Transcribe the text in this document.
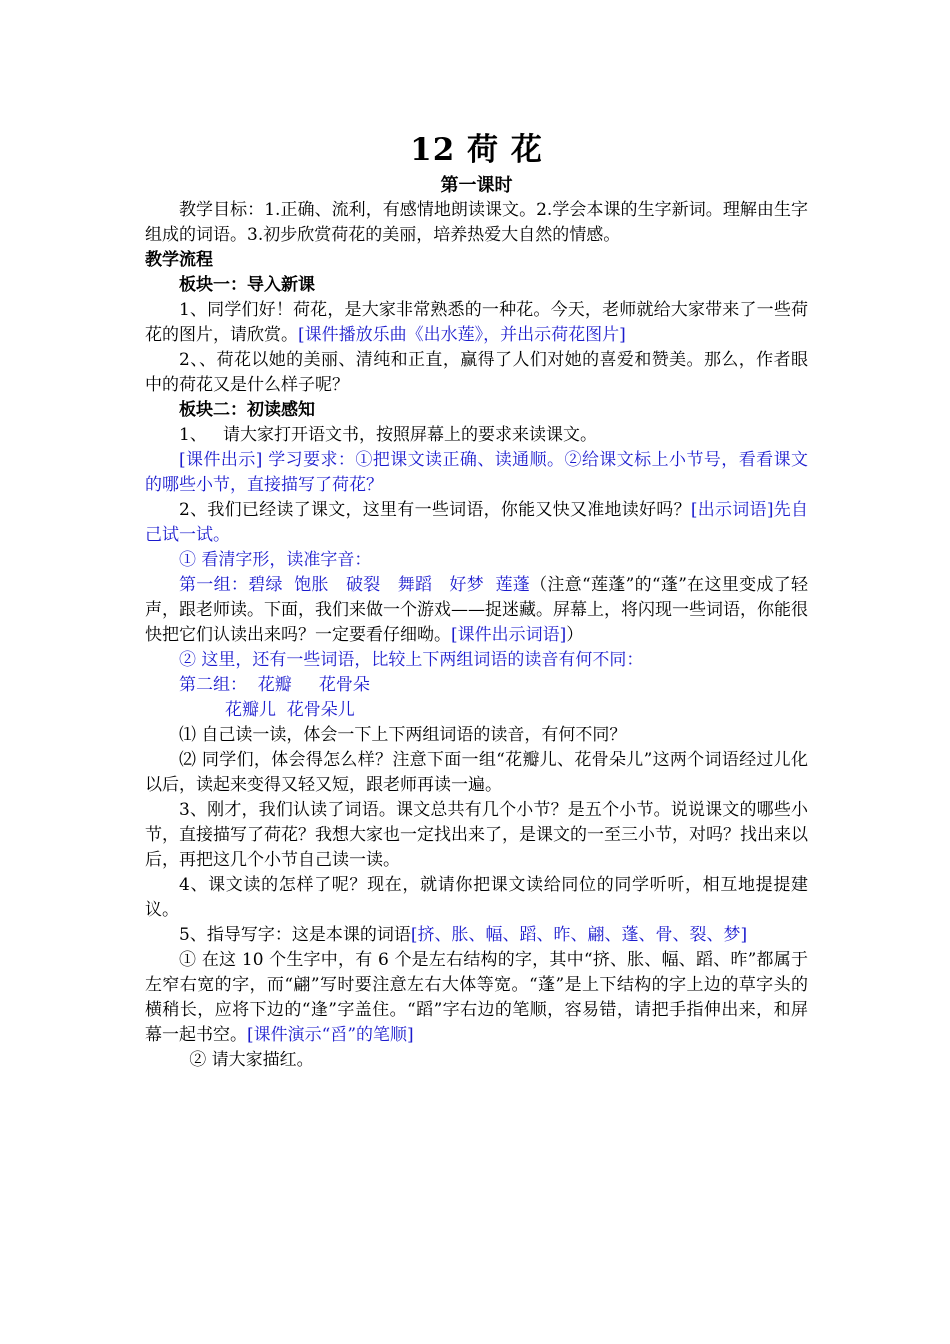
12 荷 花
第一课时

教学目标：1.正确、流利，有感情地朗读课文。2.学会本课的生字新词。理解由生字组成的词语。3.初步欣赏荷花的美丽，培养热爱大自然的情感。

教学流程

板块一：导入新课

1、同学们好！荷花，是大家非常熟悉的一种花。今天，老师就给大家带来了一些荷花的图片，请欣赏。[课件播放乐曲《出水莲》，并出示荷花图片]

2、、荷花以她的美丽、清纯和正直，赢得了人们对她的喜爱和赞美。那么，作者眼中的荷花又是什么样子呢？

板块二：初读感知

1、   请大家打开语文书，按照屏幕上的要求来读课文。

[课件出示] 学习要求：①把课文读正确、读通顺。②给课文标上小节号，看看课文的哪些小节，直接描写了荷花？

2、我们已经读了课文，这里有一些词语，你能又快又准地读好吗？[出示词语]先自己试一试。

① 看清字形，读准字音：

第一组：碧绿  饱胀   破裂   舞蹈   好梦  莲蓬（注意“莲蓬”的“蓬”在这里变成了轻声，跟老师读。下面，我们来做一个游戏——捉迷藏。屏幕上，将闪现一些词语，你能很快把它们认读出来吗？一定要看仔细呦。[课件出示词语]）

② 这里，还有一些词语，比较上下两组词语的读音有何不同：

第二组：  花瓣     花骨朵

花瓣儿  花骨朵儿

⑴ 自己读一读，体会一下上下两组词语的读音，有何不同？

⑵ 同学们，体会得怎么样？注意下面一组“花瓣儿、花骨朵儿”这两个词语经过儿化以后，读起来变得又轻又短，跟老师再读一遍。

3、刚才，我们认读了词语。课文总共有几个小节？是五个小节。说说课文的哪些小节，直接描写了荷花？我想大家也一定找出来了，是课文的一至三小节，对吗？找出来以后，再把这几个小节自己读一读。

4、课文读的怎样了呢？现在，就请你把课文读给同位的同学听听，相互地提提建议。

5、指导写字：这是本课的词语[挤、胀、幅、蹈、昨、翩、蓬、骨、裂、梦]

① 在这 10 个生字中，有 6 个是左右结构的字，其中“挤、胀、幅、蹈、昨”都属于左窄右宽的字，而“翩”写时要注意左右大体等宽。“蓬”是上下结构的字上边的草字头的横稍长，应将下边的“逢”字盖住。“蹈”字右边的笔顺，容易错，请把手指伸出来，和屏幕一起书空。[课件演示“舀”的笔顺]

② 请大家描红。
